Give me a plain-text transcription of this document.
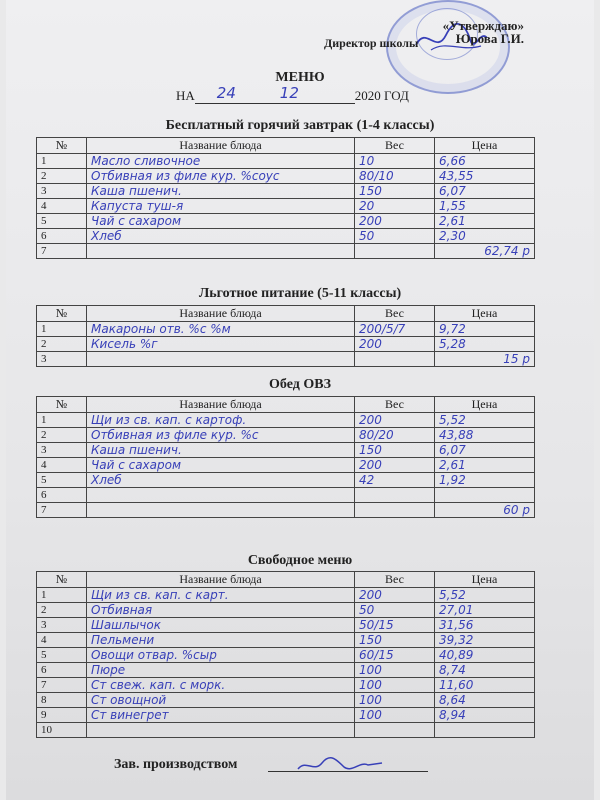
«Утверждаю»
Юрова Г.И.
Директор школы
МЕНЮ
НА 24	12	2020 ГОД
Бесплатный горячий завтрак (1-4 классы)
№	Название блюда	Вес	Цена
1	Масло сливочное	10	6,66
2	Отбивная из филе кур. %соус	80/10	43,55
3	Каша пшенич.	150	6,07
4	Капуста туш-я	20	1,55
5	Чай с сахаром	200	2,61
6	Хлеб	50	2,30
7			62,74 р
Льготное питание (5-11 классы)
№	Название блюда	Вес	Цена
1	Макароны отв. %с %м	200/5/7	9,72
2	Кисель %г	200	5,28
3			15 р
Обед ОВЗ
№	Название блюда	Вес	Цена
1	Щи из св. кап. с картоф.	200	5,52
2	Отбивная из филе кур. %с	80/20	43,88
3	Каша пшенич.	150	6,07
4	Чай с сахаром	200	2,61
5	Хлеб	42	1,92
6			
7			60 р
Свободное меню
№	Название блюда	Вес	Цена
1	Щи из св. кап. с карт.	200	5,52
2	Отбивная	50	27,01
3	Шашлычок	50/15	31,56
4	Пельмени	150	39,32
5	Овощи отвар. %сыр	60/15	40,89
6	Пюре	100	8,74
7	Ст свеж. кап. с морк.	100	11,60
8	Ст овощной	100	8,64
9	Ст винегрет	100	8,94
10			
Зав. производством
